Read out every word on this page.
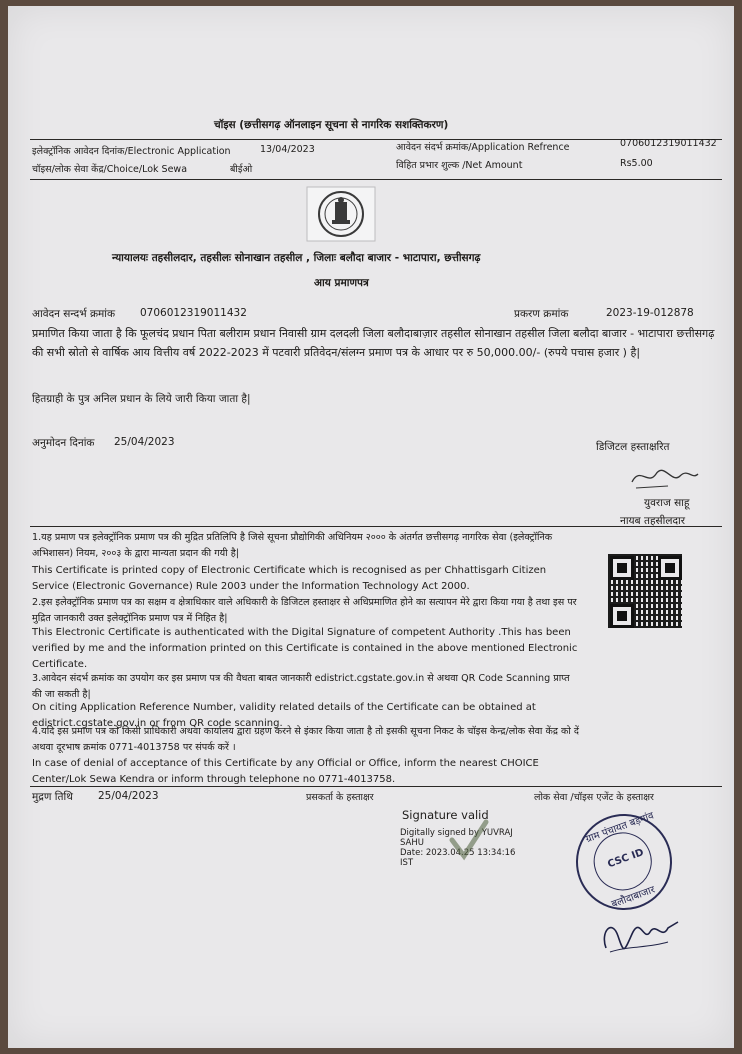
चॉइस (छत्तीसगढ़ ऑनलाइन सूचना से नागरिक सशक्तिकरण)
इलेक्ट्रॉनिक आवेदन दिनांक/Electronic Application	13/04/2023	आवेदन संदर्भ क्रमांक/Application Refrence	070601231901​1432
चॉइस/लोक सेवा केंद्र/Choice/Lok Sewa	बीईओ	विहित प्रभार शुल्क /Net Amount	Rs5.00
न्यायालयः तहसीलदार, तहसीलः सोनाखान तहसील , जिलाः बलौदा बाजार - भाटापारा, छत्तीसगढ़
आय प्रमाणपत्र
आवेदन सन्दर्भ क्रमांक 0706012319011432	प्रकरण क्रमांक	2023-19-012878
प्रमाणित किया जाता है कि फूलचंद प्रधान पिता बलीराम प्रधान निवासी ग्राम दलदली जिला बलौदाबाज़ार तहसील सोनाखान तहसील जिला बलौदा बाजार - भाटापारा छत्तीसगढ़ की सभी स्रोतो से वार्षिक आय वित्तीय वर्ष 2022-2023 में पटवारी प्रतिवेदन/संलग्न प्रमाण पत्र के आधार पर रु 50,000.00/- (रुपये पचास हजार ) है|
हितग्राही के पुत्र अनिल प्रधान के लिये जारी किया जाता है|
अनुमोदन दिनांक 25/04/2023	डिजिटल हस्ताक्षरित
युवराज साहू
नायब तहसीलदार
1.यह प्रमाण पत्र इलेक्ट्रॉनिक प्रमाण पत्र की मुद्रित प्रतिलिपि है जिसे सूचना प्रौद्योगिकी अधिनियम २००० के अंतर्गत छत्तीसगढ़ नागरिक सेवा (इलेक्ट्रॉनिक अभिशासन) नियम, २००३ के द्वारा मान्यता प्रदान की गयी है|
This Certificate is printed copy of Electronic Certificate which is recognised as per Chhattisgarh Citizen Service (Electronic Governance) Rule 2003 under the Information Technology Act 2000.
2.इस इलेक्ट्रॉनिक प्रमाण पत्र का सक्षम व क्षेत्राधिकार वाले अधिकारी के डिजिटल हस्ताक्षर से अधिप्रमाणित होने का सत्यापन मेरे द्वारा किया गया है तथा इस पर मुद्रित जानकारी उक्त इलेक्ट्रॉनिक प्रमाण पत्र में निहित है|
This Electronic Certificate is authenticated with the Digital Signature of competent Authority .This has been verified by me and the information printed on this Certificate is contained in the above mentioned Electronic Certificate.
3.आवेदन संदर्भ क्रमांक का उपयोग कर इस प्रमाण पत्र की वैधता बाबत जानकारी edistrict.cgstate.gov.in से अथवा QR Code Scanning प्राप्त की जा सकती है|
On citing Application Reference Number, validity related details of the Certificate can be obtained at edistrict.cgstate.gov.in or from QR code scanning.
4.यदि इस प्रमाण पत्र को किसी प्राधिकारी अथवा कार्यालय द्वारा ग्रहण करने से इंकार किया जाता है तो इसकी सूचना निकट के चॉइस केन्द्र/लोक सेवा केंद्र को दें अथवा दूरभाष क्रमांक 0771-4013758 पर संपर्क करें ।
In case of denial of acceptance of this Certificate by any Official or Office, inform the nearest CHOICE Center/Lok Sewa Kendra or inform through telephone no 0771-4013758.
मुद्रण तिथि 25/04/2023	प्रसकर्ता के हस्ताक्षर	लोक सेवा /चॉइस एजेंट के हस्ताक्षर
Signature valid
Digitally signed by YUVRAJ
SAHU
Date: 2023.04.25 13:34:16
IST
ग्राम पंचायत बड़गांव
CSC ID
बलौदाबाजार
